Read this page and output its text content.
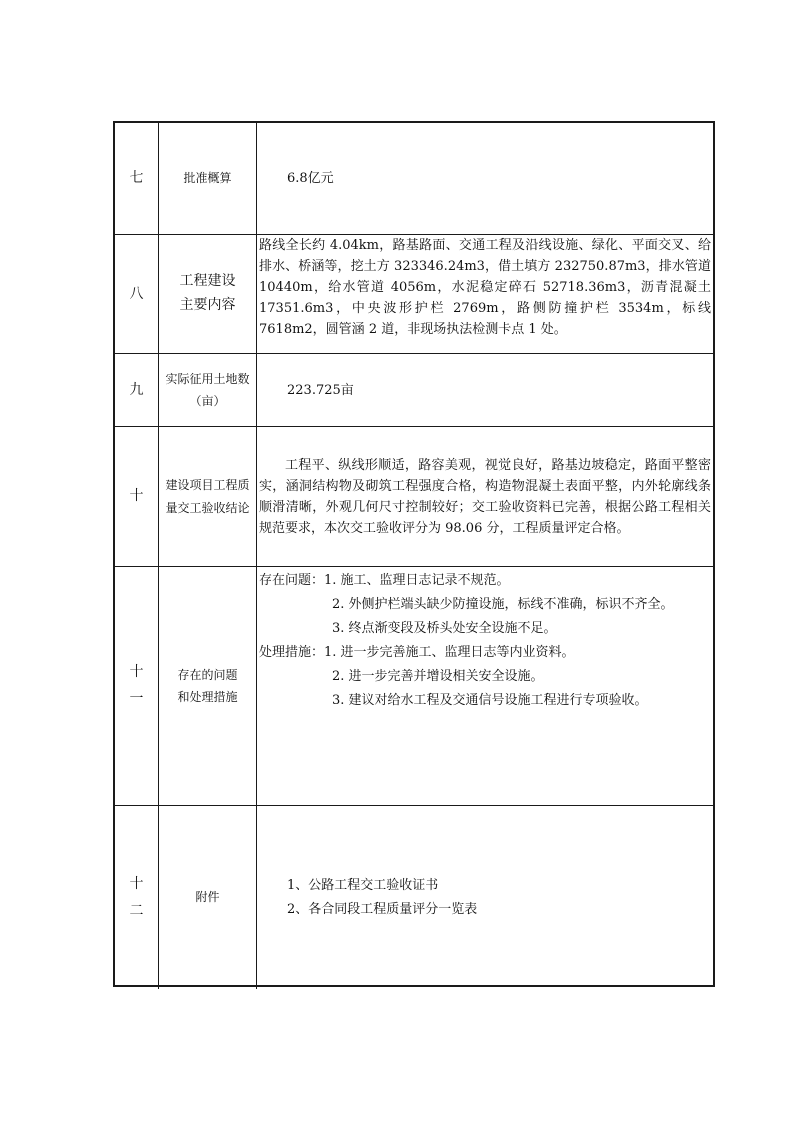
七	批准概算	6.8亿元
八
工程建设
主要内容
路线全长约 4.04km，路基路面、交通工程及沿线设施、绿化、平面交叉、给排水、桥涵等，挖土方 323346.24m3，借土填方 232750.87m3，排水管道 10440m，给水管道 4056m，水泥稳定碎石 52718.36m3，沥青混凝土 17351.6m3，中央波形护栏 2769m，路侧防撞护栏 3534m，标线 7618m2，圆管涵 2 道，非现场执法检测卡点 1 处。
九
实际征用土地数
（亩）
223.725亩
十
建设项目工程质
量交工验收结论
工程平、纵线形顺适，路容美观，视觉良好，路基边坡稳定，路面平整密实，涵洞结构物及砌筑工程强度合格，构造物混凝土表面平整，内外轮廓线条顺滑清晰，外观几何尺寸控制较好；交工验收资料已完善，根据公路工程相关规范要求，本次交工验收评分为 98.06 分，工程质量评定合格。
十
一
存在的问题
和处理措施
存在问题：1. 施工、监理日志记录不规范。
2. 外侧护栏端头缺少防撞设施，标线不准确，标识不齐全。
3. 终点渐变段及桥头处安全设施不足。
处理措施：1. 进一步完善施工、监理日志等内业资料。
2. 进一步完善并增设相关安全设施。
3. 建议对给水工程及交通信号设施工程进行专项验收。
十
二
附件
1、公路工程交工验收证书
2、各合同段工程质量评分一览表
